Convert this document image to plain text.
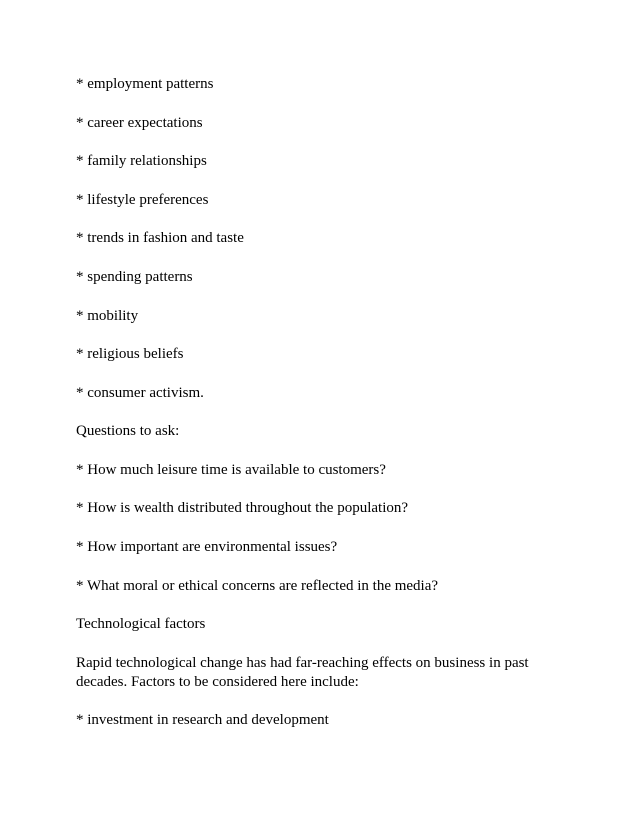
* employment patterns

* career expectations

* family relationships

* lifestyle preferences

* trends in fashion and taste

* spending patterns

* mobility

* religious beliefs

* consumer activism.

Questions to ask:

* How much leisure time is available to customers?

* How is wealth distributed throughout the population?

* How important are environmental issues?

* What moral or ethical concerns are reflected in the media?

Technological factors

Rapid technological change has had far-reaching effects on business in past
decades. Factors to be considered here include:

* investment in research and development
